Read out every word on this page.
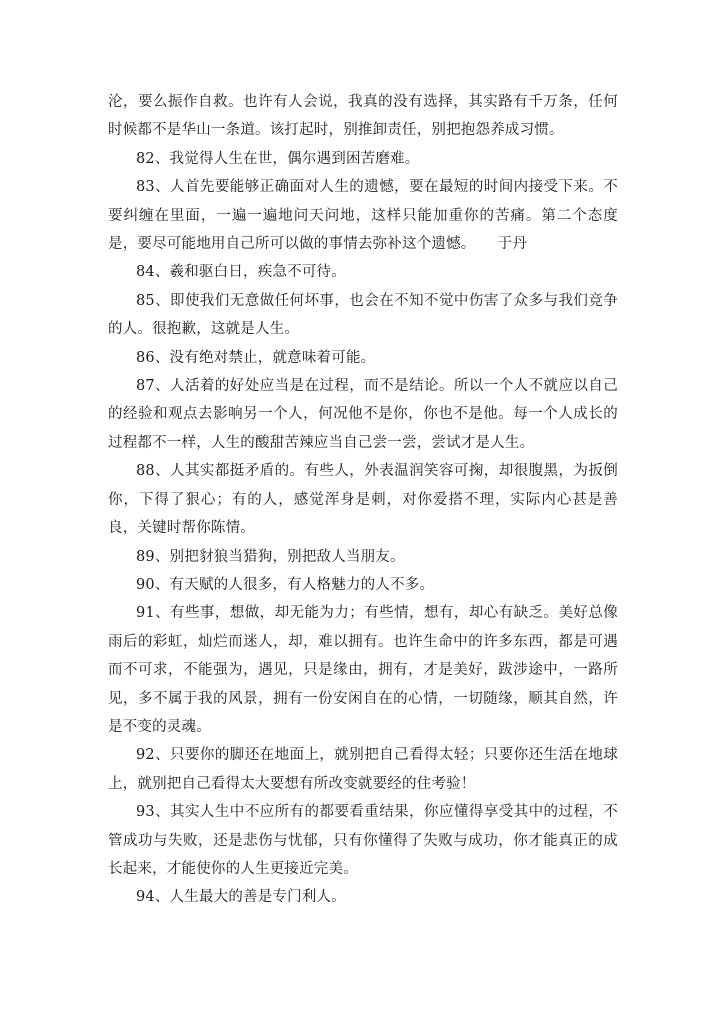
沦，要么振作自救。也许有人会说，我真的没有选择，其实路有千万条，任何时候都不是华山一条道。该打起时，别推卸责任，别把抱怨养成习惯。

82、我觉得人生在世，偶尔遇到困苦磨难。

83、人首先要能够正确面对人生的遗憾，要在最短的时间内接受下来。不要纠缠在里面，一遍一遍地问天问地，这样只能加重你的苦痛。第二个态度是，要尽可能地用自己所可以做的事情去弥补这个遗憾。　　于丹

84、羲和驱白日，疾急不可待。

85、即使我们无意做任何坏事，也会在不知不觉中伤害了众多与我们竞争的人。很抱歉，这就是人生。

86、没有绝对禁止，就意味着可能。

87、人活着的好处应当是在过程，而不是结论。所以一个人不就应以自己的经验和观点去影响另一个人，何况他不是你，你也不是他。每一个人成长的过程都不一样，人生的酸甜苦辣应当自己尝一尝，尝试才是人生。

88、人其实都挺矛盾的。有些人，外表温润笑容可掬，却很腹黑，为扳倒你，下得了狠心；有的人，感觉浑身是刺，对你爱搭不理，实际内心甚是善良，关键时帮你陈情。

89、别把豺狼当猎狗，别把敌人当朋友。

90、有天赋的人很多，有人格魅力的人不多。

91、有些事，想做，却无能为力；有些情，想有，却心有缺乏。美好总像雨后的彩虹，灿烂而迷人，却，难以拥有。也许生命中的许多东西，都是可遇而不可求，不能强为，遇见，只是缘由，拥有，才是美好，跋涉途中，一路所见，多不属于我的风景，拥有一份安闲自在的心情，一切随缘，顺其自然，许是不变的灵魂。

92、只要你的脚还在地面上，就别把自己看得太轻；只要你还生活在地球上，就别把自己看得太大要想有所改变就要经的住考验！

93、其实人生中不应所有的都要看重结果，你应懂得享受其中的过程，不管成功与失败，还是悲伤与忧郁，只有你懂得了失败与成功，你才能真正的成长起来，才能使你的人生更接近完美。

94、人生最大的善是专门利人。
